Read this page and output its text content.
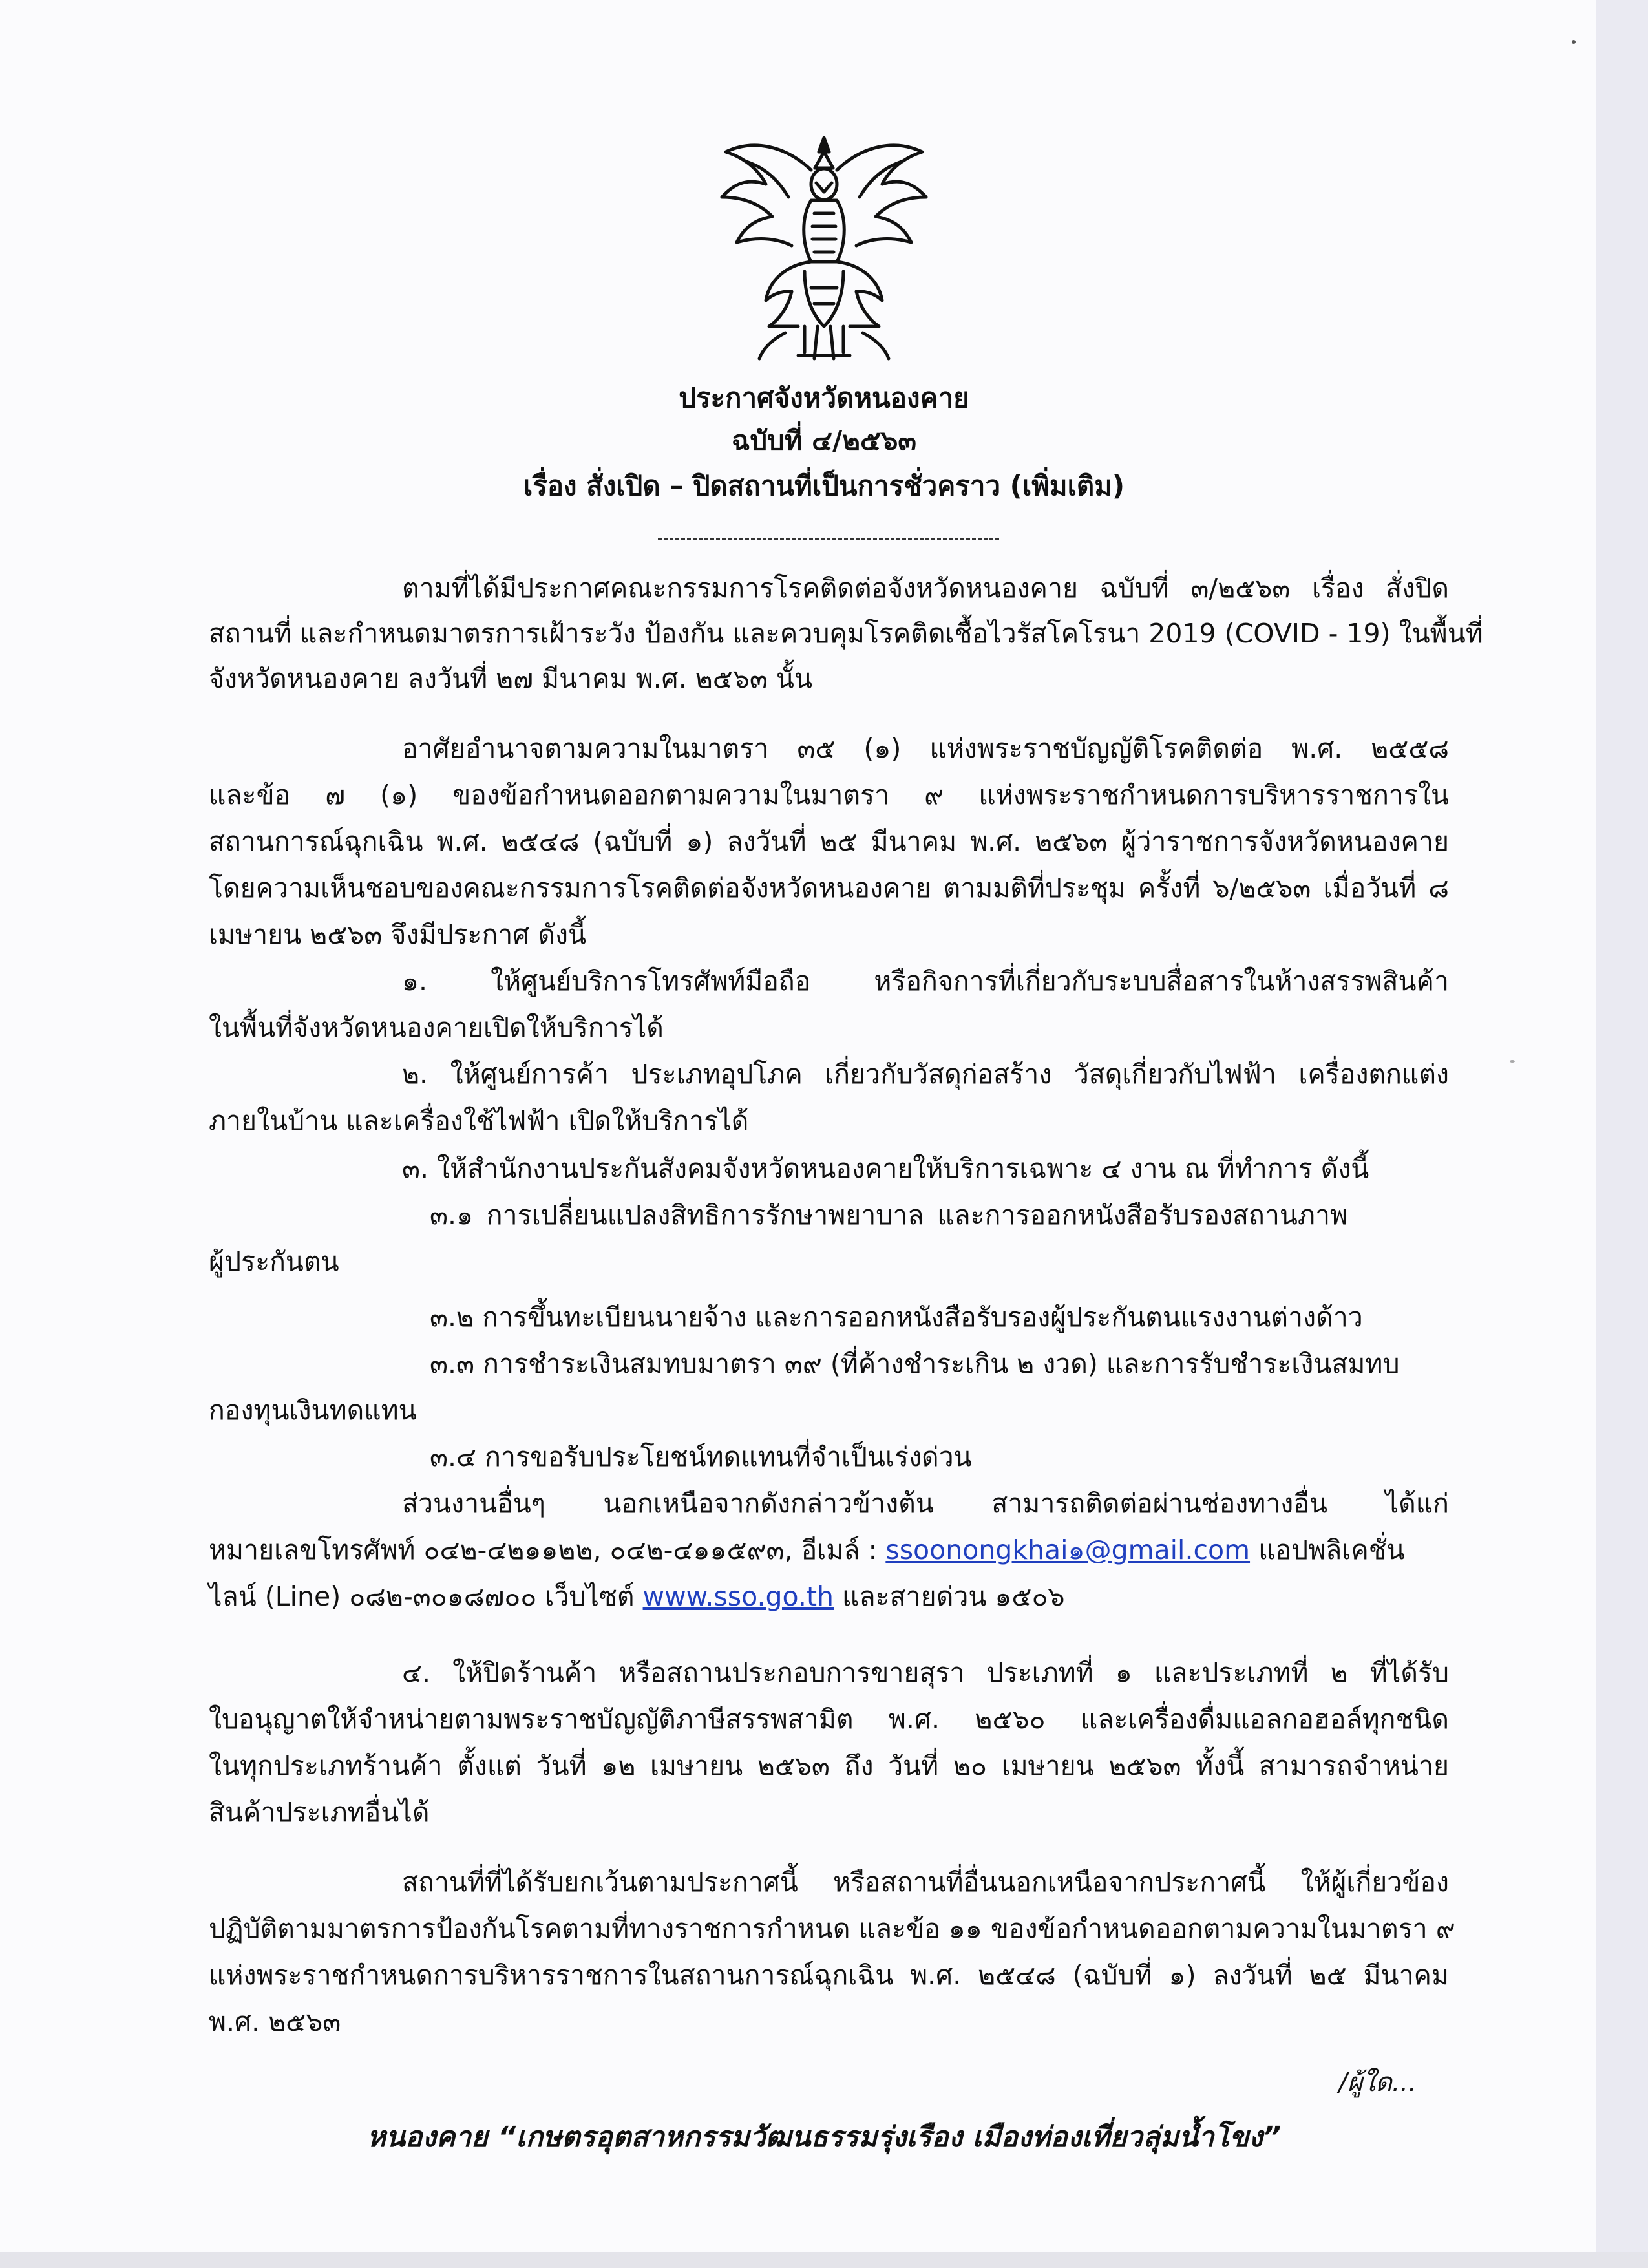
ประกาศจังหวัดหนองคาย
ฉบับที่ ๔/๒๕๖๓
เรื่อง สั่งเปิด – ปิดสถานที่เป็นการชั่วคราว (เพิ่มเติม)
ตามที่ได้มีประกาศคณะกรรมการโรคติดต่อจังหวัดหนองคาย ฉบับที่ ๓/๒๕๖๓ เรื่อง สั่งปิด
สถานที่ และกำหนดมาตรการเฝ้าระวัง ป้องกัน และควบคุมโรคติดเชื้อไวรัสโคโรนา 2019 (COVID - 19) ในพื้นที่
จังหวัดหนองคาย ลงวันที่ ๒๗ มีนาคม พ.ศ. ๒๕๖๓ นั้น
อาศัยอำนาจตามความในมาตรา ๓๕ (๑) แห่งพระราชบัญญัติโรคติดต่อ พ.ศ. ๒๕๕๘
และข้อ ๗ (๑) ของข้อกำหนดออกตามความในมาตรา ๙ แห่งพระราชกำหนดการบริหารราชการใน
สถานการณ์ฉุกเฉิน พ.ศ. ๒๕๔๘ (ฉบับที่ ๑) ลงวันที่ ๒๕ มีนาคม พ.ศ. ๒๕๖๓ ผู้ว่าราชการจังหวัดหนองคาย
โดยความเห็นชอบของคณะกรรมการโรคติดต่อจังหวัดหนองคาย ตามมติที่ประชุม ครั้งที่ ๖/๒๕๖๓ เมื่อวันที่ ๘
เมษายน ๒๕๖๓ จึงมีประกาศ ดังนี้
๑. ให้ศูนย์บริการโทรศัพท์มือถือ หรือกิจการที่เกี่ยวกับระบบสื่อสารในห้างสรรพสินค้า
ในพื้นที่จังหวัดหนองคายเปิดให้บริการได้
๒. ให้ศูนย์การค้า ประเภทอุปโภค เกี่ยวกับวัสดุก่อสร้าง วัสดุเกี่ยวกับไฟฟ้า เครื่องตกแต่ง
ภายในบ้าน และเครื่องใช้ไฟฟ้า เปิดให้บริการได้
๓. ให้สำนักงานประกันสังคมจังหวัดหนองคายให้บริการเฉพาะ ๔ งาน ณ ที่ทำการ ดังนี้
๓.๑ การเปลี่ยนแปลงสิทธิการรักษาพยาบาล และการออกหนังสือรับรองสถานภาพ
ผู้ประกันตน
๓.๒ การขึ้นทะเบียนนายจ้าง และการออกหนังสือรับรองผู้ประกันตนแรงงานต่างด้าว
๓.๓ การชำระเงินสมทบมาตรา ๓๙ (ที่ค้างชำระเกิน ๒ งวด) และการรับชำระเงินสมทบ
กองทุนเงินทดแทน
๓.๔ การขอรับประโยชน์ทดแทนที่จำเป็นเร่งด่วน
ส่วนงานอื่นๆ นอกเหนือจากดังกล่าวข้างต้น สามารถติดต่อผ่านช่องทางอื่น ได้แก่
หมายเลขโทรศัพท์ ๐๔๒-๔๒๑๑๒๒, ๐๔๒-๔๑๑๕๙๓, อีเมล์ : ssoonongkhai๑@gmail.com แอปพลิเคชั่น
ไลน์ (Line) ๐๘๒-๓๐๑๘๗๐๐ เว็บไซต์ www.sso.go.th และสายด่วน ๑๕๐๖
๔. ให้ปิดร้านค้า หรือสถานประกอบการขายสุรา ประเภทที่ ๑ และประเภทที่ ๒ ที่ได้รับ
ใบอนุญาตให้จำหน่ายตามพระราชบัญญัติภาษีสรรพสามิต พ.ศ. ๒๕๖๐ และเครื่องดื่มแอลกอฮอล์ทุกชนิด
ในทุกประเภทร้านค้า ตั้งแต่ วันที่ ๑๒ เมษายน ๒๕๖๓ ถึง วันที่ ๒๐ เมษายน ๒๕๖๓ ทั้งนี้ สามารถจำหน่าย
สินค้าประเภทอื่นได้
สถานที่ที่ได้รับยกเว้นตามประกาศนี้ หรือสถานที่อื่นนอกเหนือจากประกาศนี้ ให้ผู้เกี่ยวข้อง
ปฏิบัติตามมาตรการป้องกันโรคตามที่ทางราชการกำหนด และข้อ ๑๑ ของข้อกำหนดออกตามความในมาตรา ๙
แห่งพระราชกำหนดการบริหารราชการในสถานการณ์ฉุกเฉิน พ.ศ. ๒๕๔๘ (ฉบับที่ ๑) ลงวันที่ ๒๕ มีนาคม
พ.ศ. ๒๕๖๓
/ผู้ใด...
หนองคาย “เกษตรอุตสาหกรรมวัฒนธรรมรุ่งเรือง เมืองท่องเที่ยวลุ่มน้ำโขง”
